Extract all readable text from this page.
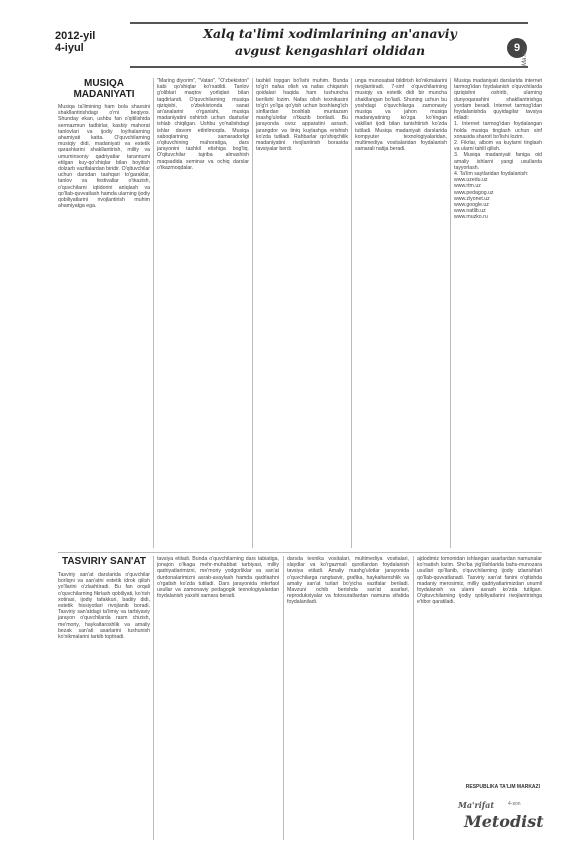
2012-yil
4-iyul
Xalq ta'limi xodimlarining an'anaviy
avgust kengashlari oldidan	9 Ma'rifat
MUSIQA
MADANIYATI
Musiqa ta'limining ham bola shaxsini shakllantirishdagi o'rni beqiyos. Shunday ekan, ushbu fan o'qitilishida sermazmun tadbirlar, kasbiy mahorat tanlovlari va ijodiy loyihalarning ahamiyati katta. O'quvchilarning musiqiy didi, madaniyati va estetik qarashlarini shakllantirish, milliy va umuminsoniy qadriyatlar tarannumi etilgan kuy-qo'shiqlar bilan boyitish dolzarb vazifalardan biridir. O'qituvchilar uchun darsdan tashqari to'garaklar, tanlov va festivallar o'tkazish, o'quvchilarni iqtidorini aniqlash va qo'llab-quvvatlash hamda ularning ijodiy qobiliyatlarini rivojlantirish muhim ahamiyatga ega.
"Maring diyorim", "Vatan", "O'zbekiston" kabi qo'shiqlar ko'rsatildi. Tanlov g'oliblari maqtov yorliqlari bilan taqdirlandi. O'quvchilarning musiqa qiziqishi, o'zbekistonda sanat an'analarini o'rganishi, musiqa madaniyatini oshirish uchun dasturlar ishlab chiqilgan. Ushbu yo'nalishdagi ishlar davom ettirilmoqda. Musiqa saboqlarining samaradorligi o'qituvchining mahoratiga, dars jarayonini tashkil etishiga bog'liq. O'qituvchilar tajriba almashish maqsadida seminar va ochiq darslar o'tkazmoqdalar.
tashkil topgan bo'lishi muhim. Bunda to'g'ri nafas olish va nafas chiqarish qoidalari haqida ham tushuncha berilishi lozim. Nafas olish texnikasini to'g'ri yo'lga qo'yish uchun boshlang'ich sinflardan boshlab muntazam mashg'ulotlar o'tkazib boriladi. Bu jarayonda ovoz apparatini asrash, jarangdor va tiniq kuylashga erishish ko'zda tutiladi. Rahbarlar qo'shiqchilik madaniyatini rivojlantirish borasida tavsiyalar berdi.
unga munosabat bildirish ko'nikmalarini rivojlantiradi. 7-sinf o'quvchilarining musiqiy va estetik didi bir muncha shakllangan bo'ladi. Shuning uchun bu yoshdagi o'quvchilarga zamonaviy musiqa va jahon musiqa madaniyatining ko'zga ko'ringan vakillari ijodi bilan tanishtirish ko'zda tutiladi. Musiqa madaniyati darslarida kompyuter texnologiyalaridan, multimediya vositalaridan foydalanish samarali natija beradi.
Musiqa madaniyati darslarida internet tarmog'idan foydalanish o'quvchilarda qiziqishni oshirib, ularning dunyoqarashini shakllantirishga yordam beradi. Internet tarmog'idan foydalanishda quyidagilar tavsiya etiladi:
1. Internet tarmog'idan foydalangan holda musiqa tinglash uchun sinf xonasida sharoit bo'lishi lozim.
2. Fikrlar, albom va kuylarni tinglash va ularni tahlil qilish.
3. Musiqa madaniyati faniga oid amaliy ishlarni yangi usullarda tayyorlash.
4. Ta'lim saytlaridan foydalanish:
www.uzedu.uz
www.rtm.uz
www.pedagog.uz
www.ziyonet.uz
www.google.uz
www.natlib.uz
www.muzko.ru
TASVIRIY SAN'AT
Tasviriy san'at darslarida o'quvchilar borliqni va san'atni estetik idrok qilish yo'llarini o'zlashtiradi. Bu fan orqali o'quvchilarning fikrlash qobiliyati, ko'rish xotirasi, ijodiy tafakkuri, badiiy didi, estetik hissiyotlari rivojlanib boradi. Tasviriy san'atdagi ta'limiy va tarbiyaviy jarayon o'quvchilarda rasm chizish, me'moriy, haykaltaroshlik va amaliy bezak san'ati asarlarini tushunish ko'nikmalarini tarkib toptiradi.
tavsiya etiladi. Bunda o'quvchilarning dars tabiatiga, jonajon o'lkaga mehr-muhabbat tarbiyasi, milliy qadriyatlarimizni, me'moriy yodgorliklar va san'at durdonalarimizni asrab-avaylash hamda qadrlashni o'rgatish ko'zda tutiladi. Dars jarayonida interfaol usullar va zamonaviy pedagogik texnologiyalardan foydalanish yaxshi samara beradi.
darsda texnika vositalari, multimediya vositalari, slaydlar va ko'rgazmali qurollardan foydalanish tavsiya etiladi. Amaliy mashg'ulotlar jarayonida o'quvchilarga rangtasvir, grafika, haykaltaroshlik va amaliy san'at turlari bo'yicha vazifalar beriladi. Mavzuni ochib berishda san'at asarlari, reproduksiyalar va fotosuratlardan namuna sifatida foydalaniladi.
ajdodimiz tomonidan ishlangan asarlardan namunalar ko'rsatish lozim. Sho'ba yig'ilishlarida bahs-munozara usullari qo'llanib, o'quvchilarning ijodiy izlanishlari qo'llab-quvvatlanadi. Tasviriy san'at fanini o'qitishda madaniy merosimiz, milliy qadriyatlarimizdan unumli foydalanish va ularni asrash ko'zda tutilgan. O'qituvchilarning ijodiy qobiliyatlarini rivojlantirishga e'tibor qaratiladi.
RESPUBLIKA TA'LIM MARKAZI
Ma'rifat	4-son
Metodist
